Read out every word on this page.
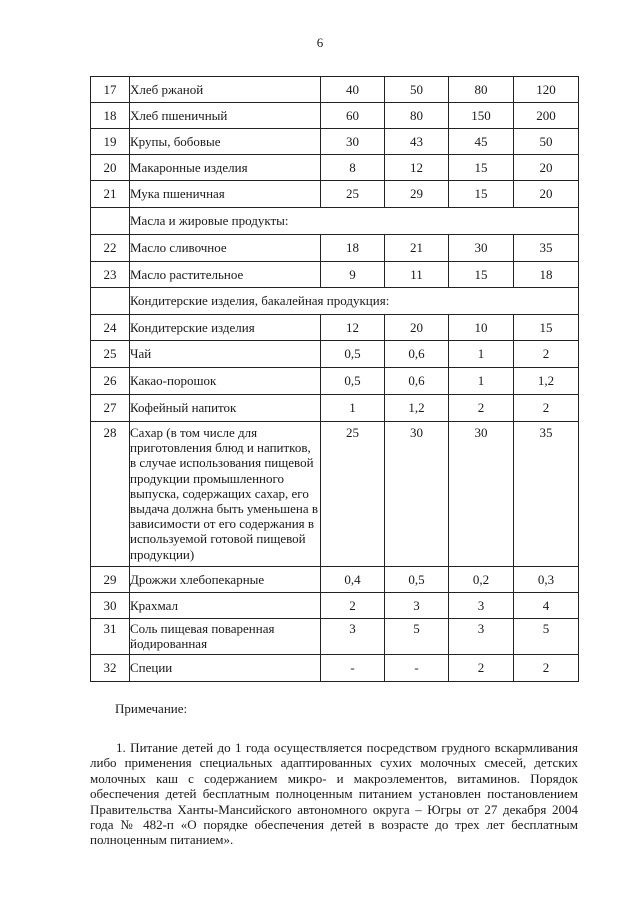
6
17	Хлеб ржаной	40	50	80	120
18	Хлеб пшеничный	60	80	150	200
19	Крупы, бобовые	30	43	45	50
20	Макаронные изделия	8	12	15	20
21	Мука пшеничная	25	29	15	20
	Масла и жировые продукты:				
22	Масло сливочное	18	21	30	35
23	Масло растительное	9	11	15	18
	Кондитерские изделия, бакалейная продукция:				
24	Кондитерские изделия	12	20	10	15
25	Чай	0,5	0,6	1	2
26	Какао-порошок	0,5	0,6	1	1,2
27	Кофейный напиток	1	1,2	2	2
28	Сахар (в том числе для приготовления блюд и напитков, в случае использования пищевой продукции промышленного выпуска, содержащих сахар, его выдача должна быть уменьшена в зависимости от его содержания в используемой готовой пищевой продукции)	25	30	30	35
29	Дрожжи хлебопекарные	0,4	0,5	0,2	0,3
30	Крахмал	2	3	3	4
31	Соль пищевая поваренная йодированная	3	5	3	5
32	Специи	-	-	2	2
Примечание:

1. Питание детей до 1 года осуществляется посредством грудного вскармливания либо применения специальных адаптированных сухих молочных смесей, детских молочных каш с содержанием микро- и макроэлементов, витаминов. Порядок обеспечения детей бесплатным полноценным питанием установлен постановлением Правительства Ханты-Мансийского автономного округа – Югры от 27 декабря 2004 года № 482-п «О порядке обеспечения детей в возрасте до трех лет бесплатным полноценным питанием».
